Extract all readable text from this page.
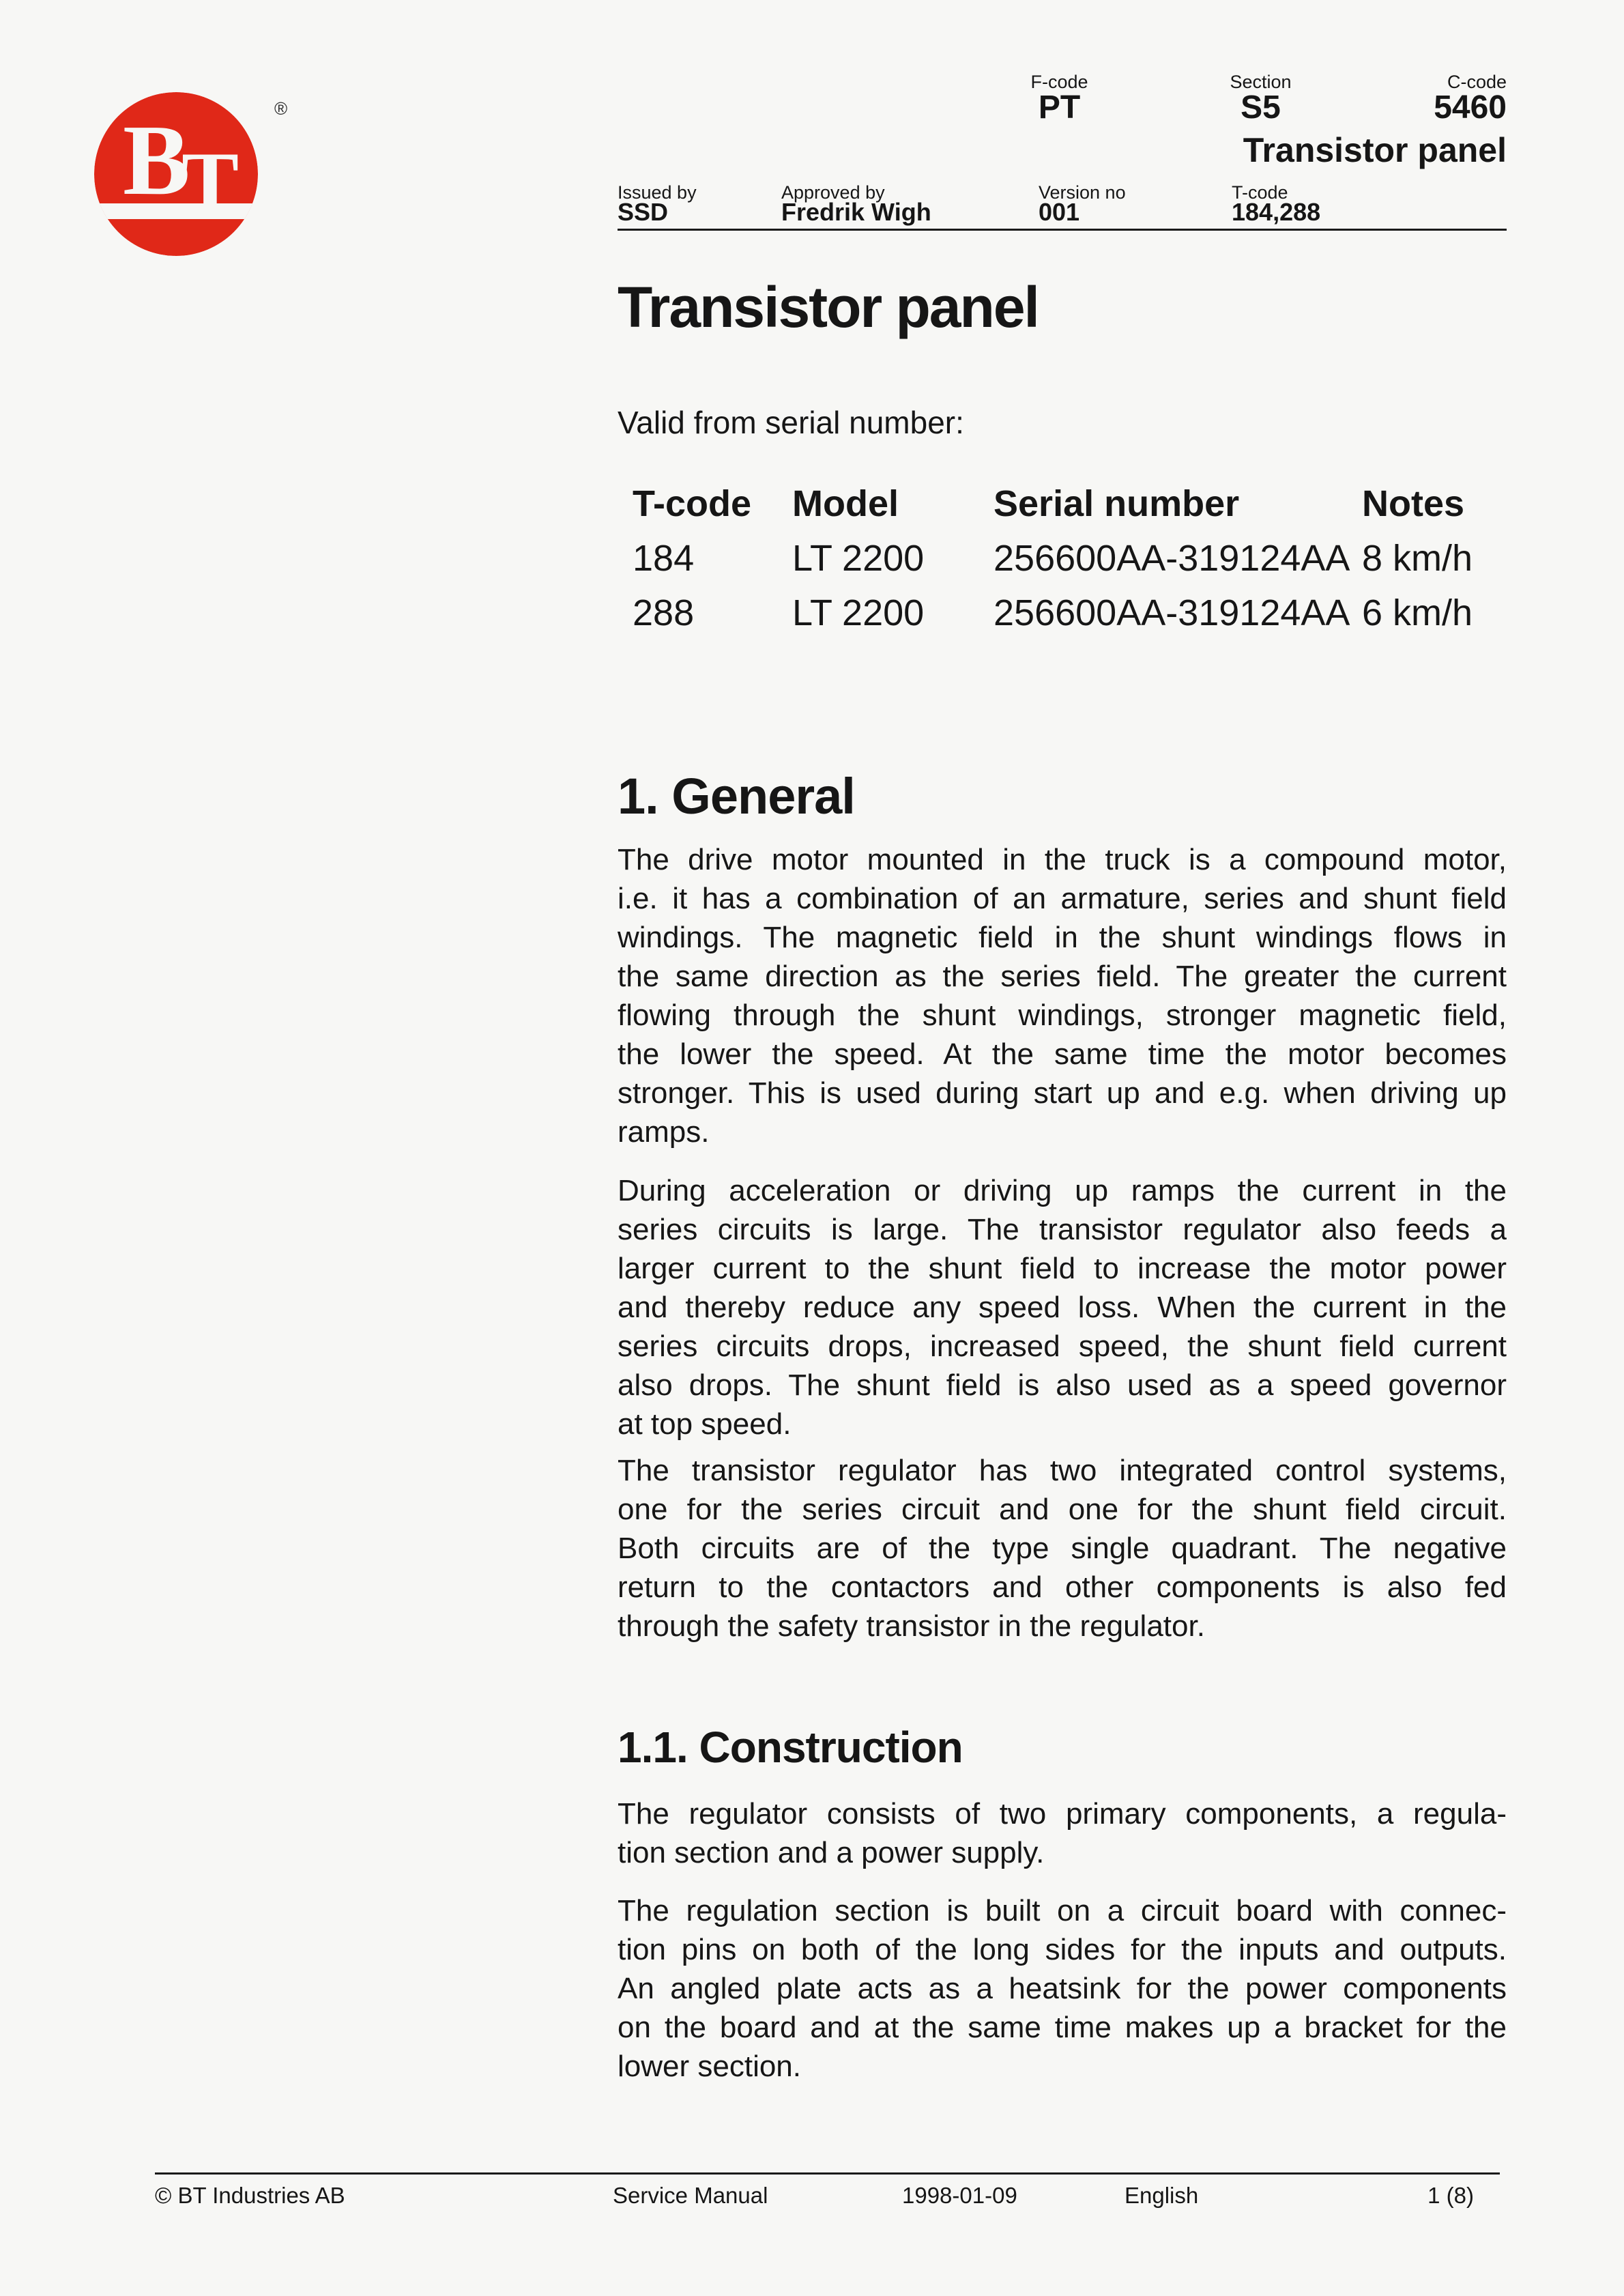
B
T
®
F-code
PT
Section
S5
C-code
5460
Transistor panel
Issued by
SSD
Approved by
Fredrik Wigh
Version no
001
T-code
184,288
Transistor panel
Valid from serial number:
T-code	Model	Serial number	Notes
184	LT 2200	256600AA-319124AA 8 km/h
288	LT 2200	256600AA-319124AA 6 km/h
1. General
The drive motor mounted in the truck is a compound motor,
i.e. it has a combination of an armature, series and shunt field
windings. The magnetic field in the shunt windings flows in
the same direction as the series field. The greater the current
flowing through the shunt windings, stronger magnetic field,
the lower the speed. At the same time the motor becomes
stronger. This is used during start up and e.g. when driving up
ramps.
During acceleration or driving up ramps the current in the
series circuits is large. The transistor regulator also feeds a
larger current to the shunt field to increase the motor power
and thereby reduce any speed loss. When the current in the
series circuits drops, increased speed, the shunt field current
also drops. The shunt field is also used as a speed governor
at top speed.
The transistor regulator has two integrated control systems,
one for the series circuit and one for the shunt field circuit.
Both circuits are of the type single quadrant. The negative
return to the contactors and other components is also fed
through the safety transistor in the regulator.
1.1. Construction
The regulator consists of two primary components, a regula-
tion section and a power supply.
The regulation section is built on a circuit board with connec-
tion pins on both of the long sides for the inputs and outputs.
An angled plate acts as a heatsink for the power components
on the board and at the same time makes up a bracket for the
lower section.
© BT Industries AB	Service Manual	1998-01-09	English	1 (8)
